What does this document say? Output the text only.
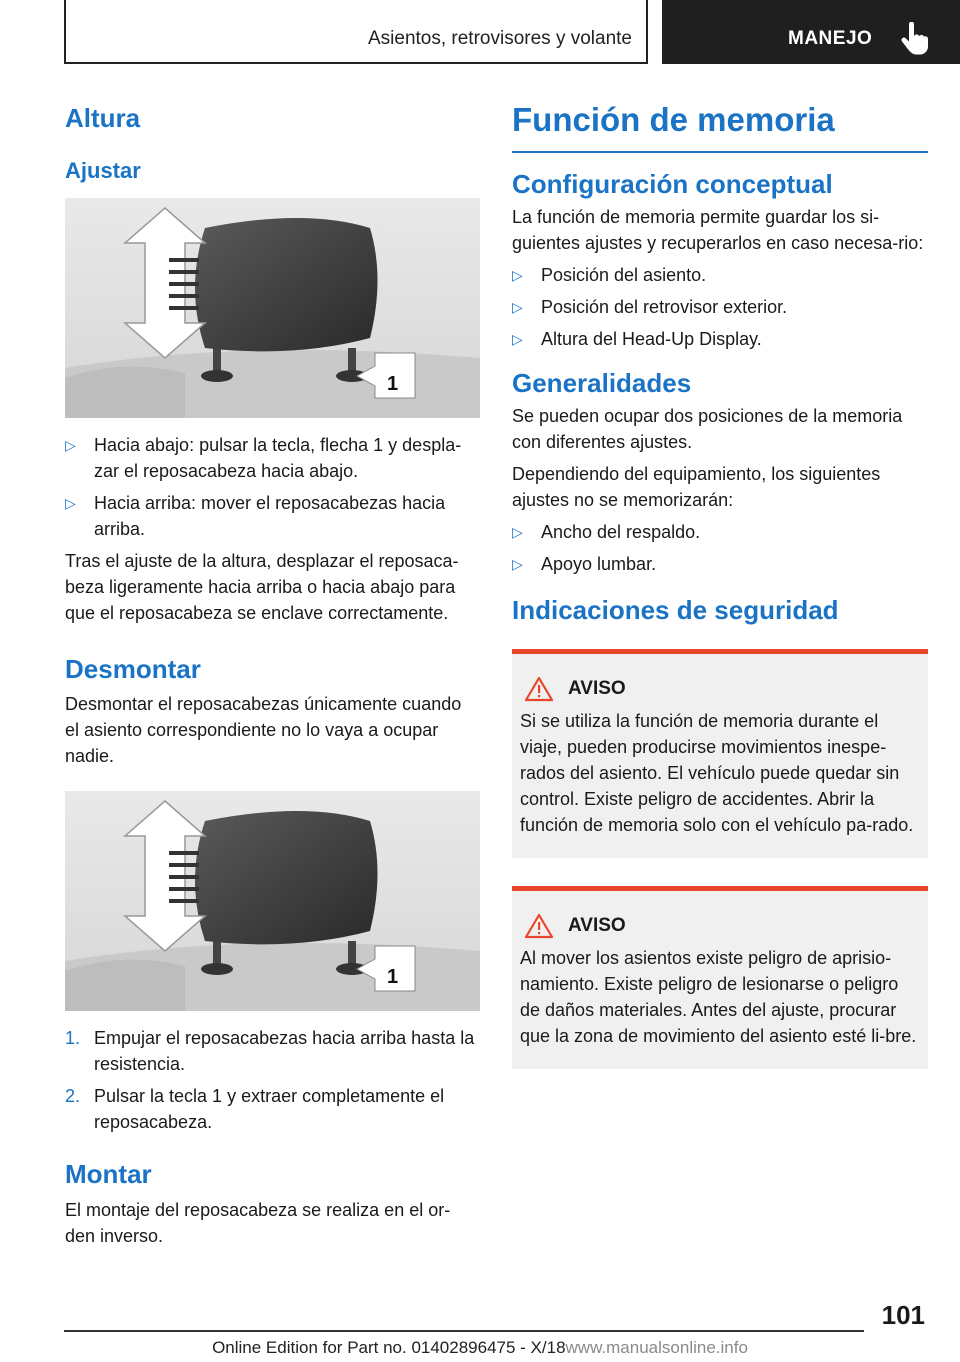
Asientos, retrovisores y volante	MANEJO
Altura
Ajustar
1
▷ Hacia abajo: pulsar la tecla, flecha 1 y despla‐zar el reposacabeza hacia abajo.
▷ Hacia arriba: mover el reposacabezas hacia arriba.

Tras el ajuste de la altura, desplazar el reposaca‐beza ligeramente hacia arriba o hacia abajo para que el reposacabeza se enclave correctamente.

Desmontar

Desmontar el reposacabezas únicamente cuando el asiento correspondiente no lo vaya a ocupar nadie.

1
1. Empujar el reposacabezas hacia arriba hasta la resistencia.
2. Pulsar la tecla 1 y extraer completamente el reposacabeza.
Montar

El montaje del reposacabeza se realiza en el or‐den inverso.

Función de memoria
Configuración conceptual

La función de memoria permite guardar los si‐guientes ajustes y recuperarlos en caso necesa‐rio:

▷ Posición del asiento.
▷ Posición del retrovisor exterior.
▷ Altura del Head-Up Display.
Generalidades

Se pueden ocupar dos posiciones de la memoria con diferentes ajustes.

Dependiendo del equipamiento, los siguientes ajustes no se memorizarán:

▷ Ancho del respaldo.
▷ Apoyo lumbar.
Indicaciones de seguridad
AVISO

Si se utiliza la función de memoria durante el viaje, pueden producirse movimientos inespe‐rados del asiento. El vehículo puede quedar sin control. Existe peligro de accidentes. Abrir la función de memoria solo con el vehículo pa‐rado.

AVISO

Al mover los asientos existe peligro de aprisio‐namiento. Existe peligro de lesionarse o peligro de daños materiales. Antes del ajuste, procurar que la zona de movimiento del asiento esté li‐bre.

101
Online Edition for Part no. 01402896475 - X/18www.manualsonline.info
